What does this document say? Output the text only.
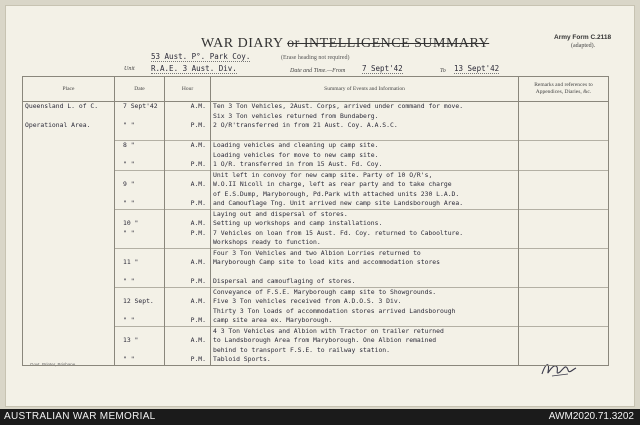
WAR DIARY or INTELLIGENCE SUMMARY
(Erase heading not required)
Army Form C.2118
(adapted).
53 Aust. P°. Park Coy.
Unit R.A.E. 3 Aust. Div.	Date and Time.—From 7 Sept'42	To 13 Sept'42
Govt. Printer, Brisbane
Place	Date	Hour	Summary of Events and Information	Remarks and references to Appendices, Diaries, &c.
Queensland L. of C.	7 Sept'42	A.M.	Ten 3 Ton Vehicles, 2Aust. Corps, arrived under command for move.	
			Six 3 Ton vehicles returned from Bundaberg.	
Operational Area.	" "	P.M.	2 O/R'transferred in from 21 Aust. Coy. A.A.S.C.	

	8 "	A.M.	Loading vehicles and cleaning up camp site.	
			Loading vehicles for move to new camp site.	
	" "	P.M.	1 O/R. transferred in from 15 Aust. Fd. Coy.	
			Unit left in convoy for new camp site. Party of 10 O/R's,	
	9 "	A.M.	W.O.II Nicoll in charge, left as rear party and to take charge	
			of E.S.Dump, Maryborough, Pd.Park with attached units 230 L.A.D.	
	" "	P.M.	and Camouflage Tng. Unit arrived new camp site Landsborough Area.	
			Laying out and dispersal of stores.	
	10 "	A.M.	Setting up workshops and camp installations.	
	" "	P.M.	7 Vehicles on loan from 15 Aust. Fd. Coy. returned to Caboolture.	
			Workshops ready to function.	
			Four 3 Ton Vehicles and two Albion Lorries returned to	
	11 "	A.M.	Maryborough Camp site to load kits and accommodation stores	

	" "	P.M.	Dispersal and camouflaging of stores.	
			Conveyance of F.S.E. Maryborough camp site to Showgrounds.	
	12 Sept.	A.M.	Five 3 Ton vehicles received from A.D.O.S. 3 Div.	
			Thirty 3 Ton loads of accommodation stores arrived Landsborough	
	" "	P.M.	camp site area ex. Maryborough.	
			4 3 Ton Vehicles and Albion with Tractor on trailer returned	
	13 "	A.M.	to Landsborough Area from Maryborough. One Albion remained	
			behind to transport F.S.E. to railway station.	
	" "	P.M.	Tabloid Sports.	
AUSTRALIAN WAR MEMORIAL	AWM2020.71.3202
